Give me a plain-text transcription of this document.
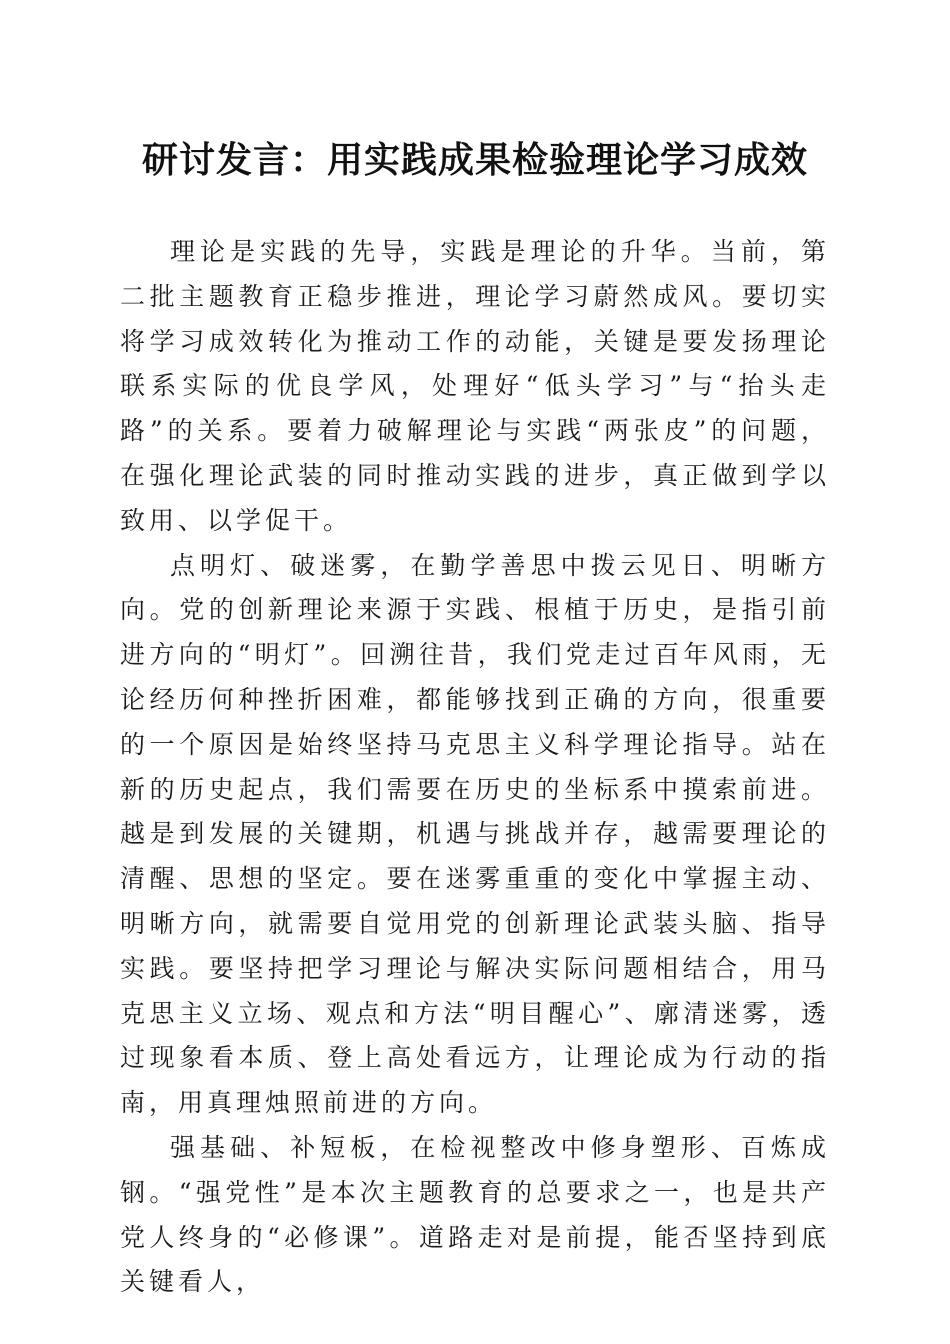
研讨发言：用实践成果检验理论学习成效

理论是实践的先导，实践是理论的升华。当前，第二批主题教育正稳步推进，理论学习蔚然成风。要切实将学习成效转化为推动工作的动能，关键是要发扬理论联系实际的优良学风，处理好“低头学习”与“抬头走路”的关系。要着力破解理论与实践“两张皮”的问题，在强化理论武装的同时推动实践的进步，真正做到学以致用、以学促干。

点明灯、破迷雾，在勤学善思中拨云见日、明晰方向。党的创新理论来源于实践、根植于历史，是指引前进方向的“明灯”。回溯往昔，我们党走过百年风雨，无论经历何种挫折困难，都能够找到正确的方向，很重要的一个原因是始终坚持马克思主义科学理论指导。站在新的历史起点，我们需要在历史的坐标系中摸索前进。越是到发展的关键期，机遇与挑战并存，越需要理论的清醒、思想的坚定。要在迷雾重重的变化中掌握主动、明晰方向，就需要自觉用党的创新理论武装头脑、指导实践。要坚持把学习理论与解决实际问题相结合，用马克思主义立场、观点和方法“明目醒心”、廓清迷雾，透过现象看本质、登上高处看远方，让理论成为行动的指南，用真理烛照前进的方向。

强基础、补短板，在检视整改中修身塑形、百炼成钢。“强党性”是本次主题教育的总要求之一，也是共产党人终身的“必修课”。道路走对是前提，能否坚持到底关键看人，
